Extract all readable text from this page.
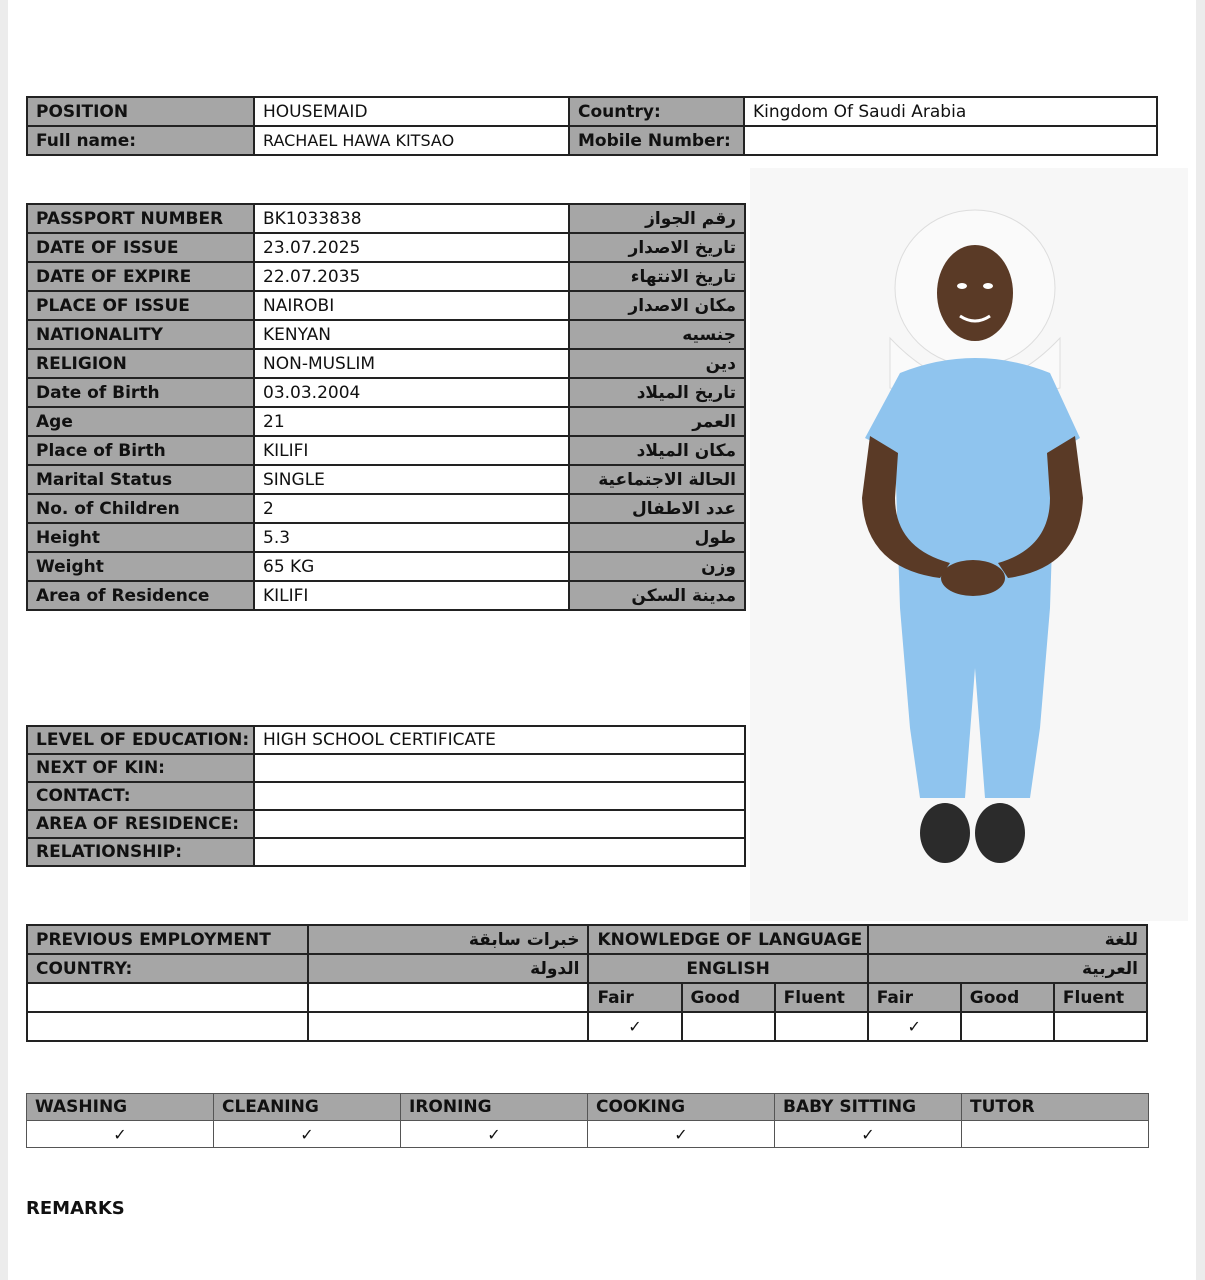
POSITION	HOUSEMAID	Country:	Kingdom Of Saudi Arabia
Full name:	RACHAEL HAWA KITSAO	Mobile Number:	
PASSPORT NUMBER	BK1033838	رقم الجواز
DATE OF ISSUE	23.07.2025	تاريخ الاصدار
DATE OF EXPIRE	22.07.2035	تاريخ الانتهاء
PLACE OF ISSUE	NAIROBI	مكان الاصدار
NATIONALITY	KENYAN	جنسيه
RELIGION	NON-MUSLIM	دين
Date of Birth	03.03.2004	تاريخ الميلاد
Age	21	العمر
Place of Birth	KILIFI	مكان الميلاد
Marital Status	SINGLE	الحالة الاجتماعية
No. of Children	2	عدد الاطفال
Height	5.3	طول
Weight	65 KG	وزن
Area of Residence	KILIFI	مدينة السكن
LEVEL OF EDUCATION:	HIGH SCHOOL CERTIFICATE
NEXT OF KIN:	
CONTACT:	
AREA OF RESIDENCE:	
RELATIONSHIP:	
PREVIOUS EMPLOYMENT	خبرات سابقة	KNOWLEDGE OF LANGUAGE			للغة		
COUNTRY:	الدولة	ENGLISH			العربية		
		Fair	Good	Fluent	Fair	Good	Fluent
		✓			✓		
WASHING	CLEANING	IRONING	COOKING	BABY SITTING	TUTOR
✓	✓	✓	✓	✓	
REMARKS
